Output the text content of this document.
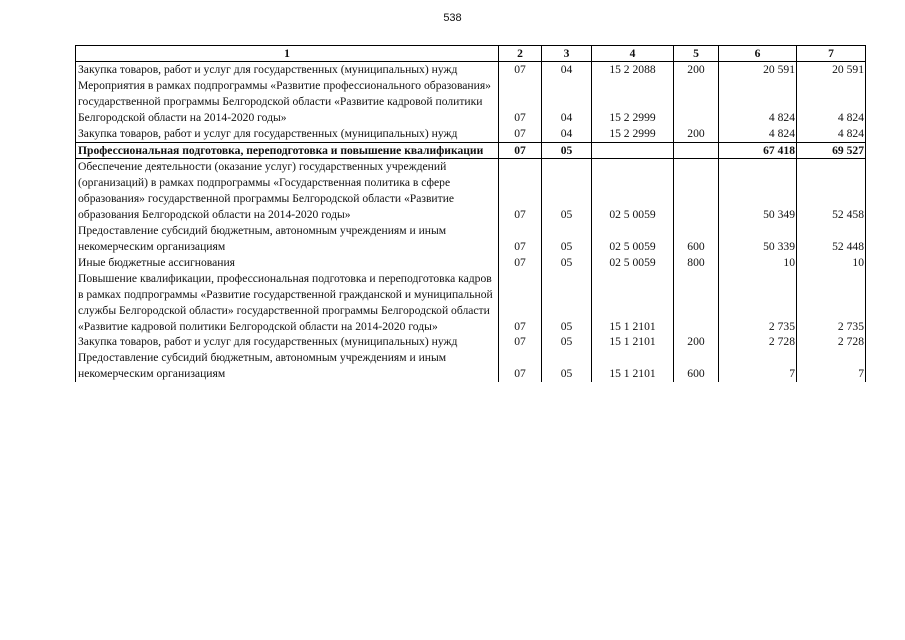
538
1	2	3	4	5	6	7
Закупка товаров, работ и услуг для государственных (муниципальных) нужд	07	04	15 2 2088	200	20 591	20 591
Мероприятия в рамках подпрограммы «Развитие профессионального образования» государственной программы Белгородской области «Развитие кадровой политики Белгородской области на 2014-2020 годы»	07	04	15 2 2999		4 824	4 824
Закупка товаров, работ и услуг для государственных (муниципальных) нужд	07	04	15 2 2999	200	4 824	4 824
Профессиональная подготовка, переподготовка и повышение квалификации	07	05			67 418	69 527
Обеспечение деятельности (оказание услуг) государственных учреждений (организаций) в рамках подпрограммы «Государственная политика в сфере образования» государственной программы Белгородской области «Развитие образования Белгородской области на 2014-2020 годы»	07	05	02 5 0059		50 349	52 458
Предоставление субсидий бюджетным, автономным учреждениям и иным некомерческим организациям	07	05	02 5 0059	600	50 339	52 448
Иные бюджетные ассигнования	07	05	02 5 0059	800	10	10
Повышение квалификации, профессиональная подготовка и переподготовка кадров в рамках подпрограммы «Развитие государственной гражданской и муниципальной службы Белгородской области» государственной программы Белгородской области «Развитие кадровой политики Белгородской области на 2014-2020 годы»	07	05	15 1 2101		2 735	2 735
Закупка товаров, работ и услуг для государственных (муниципальных) нужд	07	05	15 1 2101	200	2 728	2 728
Предоставление субсидий бюджетным, автономным учреждениям и иным некомерческим организациям	07	05	15 1 2101	600	7	7
